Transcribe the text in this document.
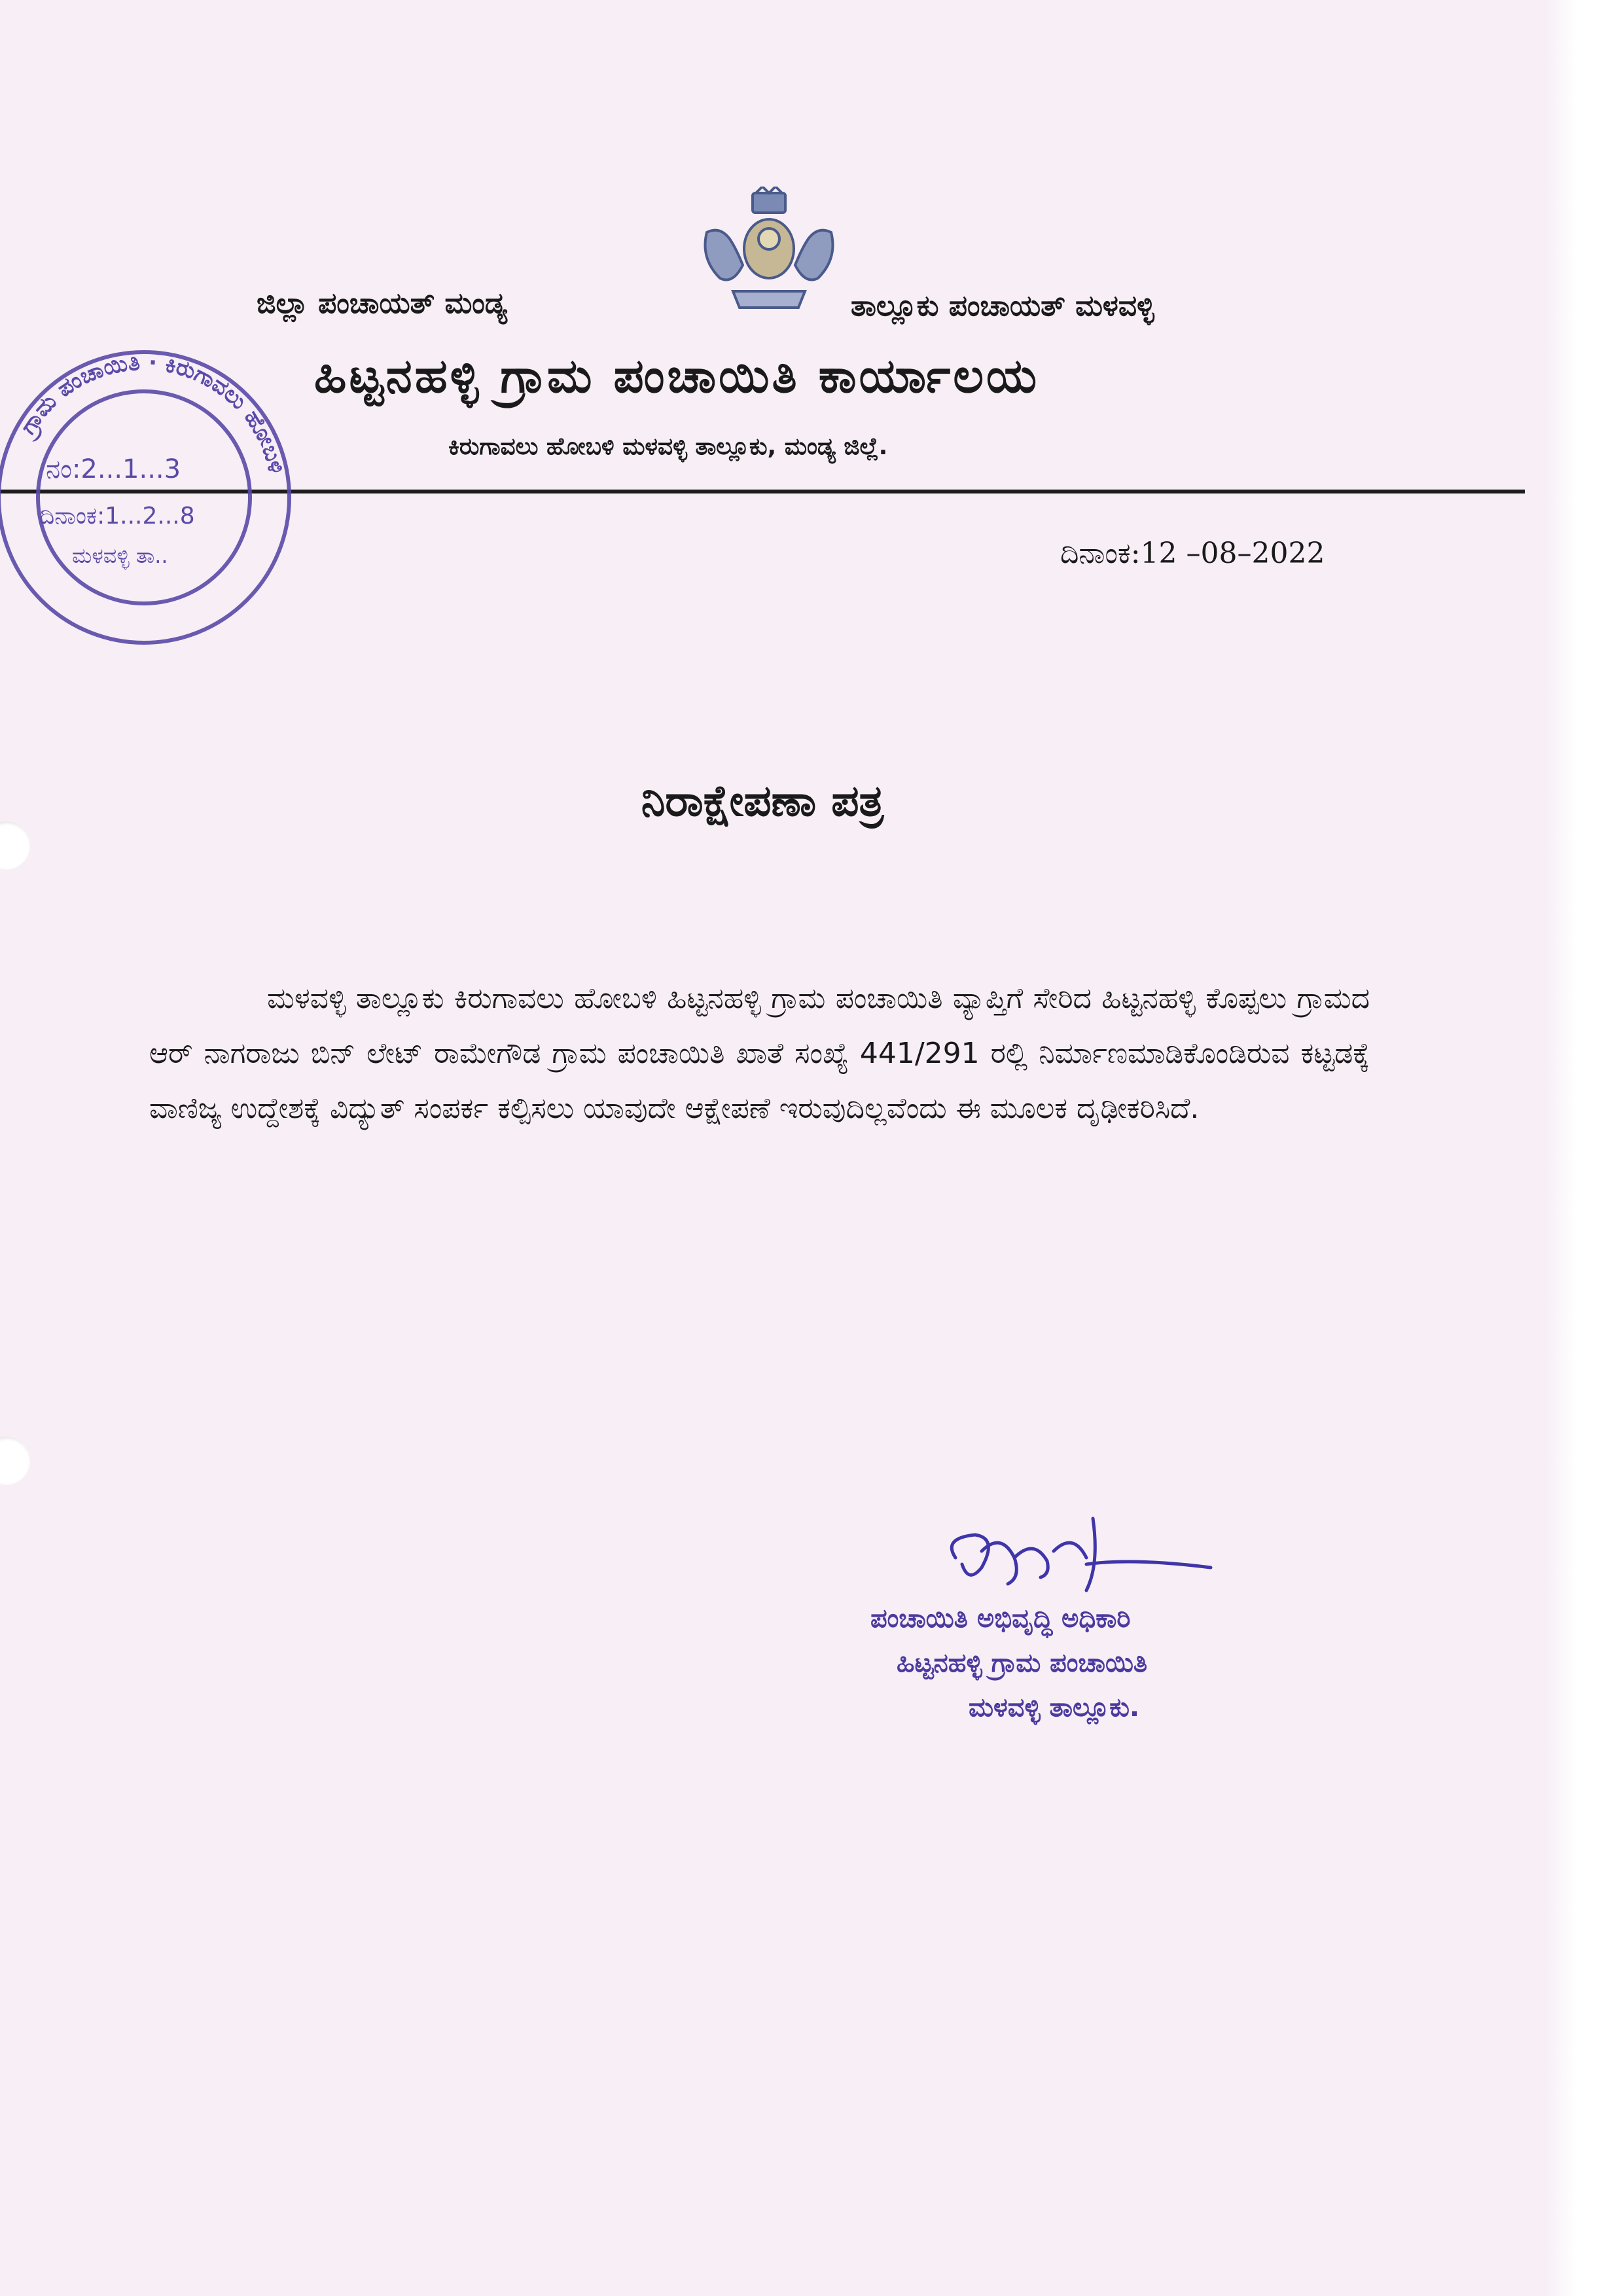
ಜಿಲ್ಲಾ ಪಂಚಾಯತ್ ಮಂಡ್ಯ	ತಾಲ್ಲೂಕು ಪಂಚಾಯತ್ ಮಳವಳ್ಳಿ
ಹಿಟ್ಟನಹಳ್ಳಿ ಗ್ರಾಮ ಪಂಚಾಯಿತಿ ಕಾರ್ಯಾಲಯ
ಕಿರುಗಾವಲು ಹೋಬಳಿ ಮಳವಳ್ಳಿ ತಾಲ್ಲೂಕು, ಮಂಡ್ಯ ಜಿಲ್ಲೆ.
ಗ್ರಾಮ ಪಂಚಾಯಿತಿ · ಕಿರುಗಾವಲು ಹೋಬಳಿ
ನಂ:2...1...3
ದಿನಾಂಕ:1...2...8
ಮಳವಳ್ಳಿ ತಾ..	ದಿನಾಂಕ:12 –08–2022
ನಿರಾಕ್ಷೇಪಣಾ ಪತ್ರ
ಮಳವಳ್ಳಿ ತಾಲ್ಲೂಕು ಕಿರುಗಾವಲು ಹೋಬಳಿ ಹಿಟ್ಟನಹಳ್ಳಿ ಗ್ರಾಮ ಪಂಚಾಯಿತಿ ವ್ಯಾಪ್ತಿಗೆ ಸೇರಿದ ಹಿಟ್ಟನಹಳ್ಳಿ ಕೊಪ್ಪಲು ಗ್ರಾಮದ ಆರ್ ನಾಗರಾಜು ಬಿನ್ ಲೇಟ್ ರಾಮೇಗೌಡ ಗ್ರಾಮ ಪಂಚಾಯಿತಿ ಖಾತೆ ಸಂಖ್ಯೆ 441/291 ರಲ್ಲಿ ನಿರ್ಮಾಣಮಾಡಿಕೊಂಡಿರುವ ಕಟ್ಟಡಕ್ಕೆ ವಾಣಿಜ್ಯ ಉದ್ದೇಶಕ್ಕೆ ವಿದ್ಯುತ್ ಸಂಪರ್ಕ ಕಲ್ಪಿಸಲು ಯಾವುದೇ ಆಕ್ಷೇಪಣೆ ಇರುವುದಿಲ್ಲವೆಂದು ಈ ಮೂಲಕ ದೃಢೀಕರಿಸಿದೆ.
ಪಂಚಾಯಿತಿ ಅಭಿವೃದ್ಧಿ ಅಧಿಕಾರಿ
ಹಿಟ್ಟನಹಳ್ಳಿ ಗ್ರಾಮ ಪಂಚಾಯಿತಿ
ಮಳವಳ್ಳಿ ತಾಲ್ಲೂಕು.
